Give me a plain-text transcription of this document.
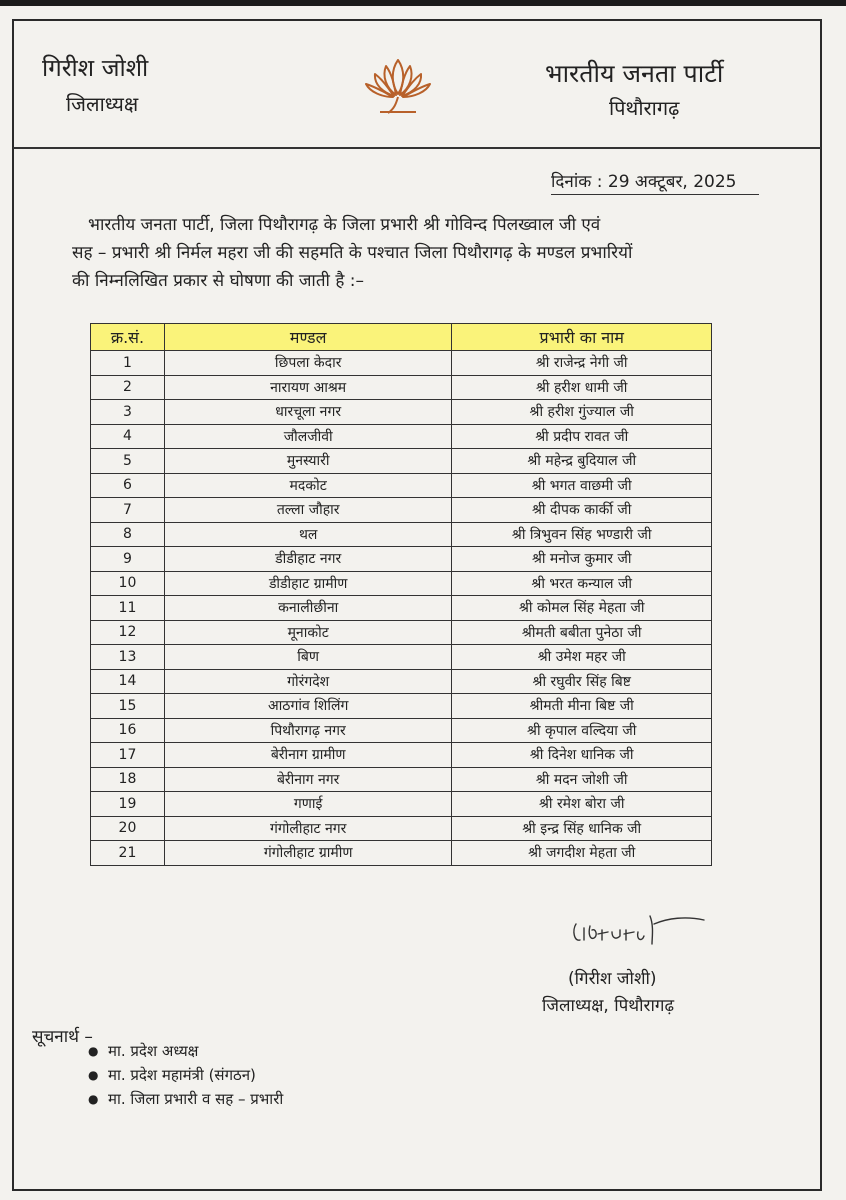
गिरीश जोशी
जिलाध्यक्ष
भारतीय जनता पार्टी
पिथौरागढ़
दिनांक : 29 अक्टूबर, 2025
भारतीय जनता पार्टी, जिला पिथौरागढ़ के जिला प्रभारी श्री गोविन्द पिलख्वाल जी एवं
सह – प्रभारी श्री निर्मल महरा जी की सहमति के पश्चात जिला पिथौरागढ़ के मण्डल प्रभारियों
की निम्नलिखित प्रकार से घोषणा की जाती है :–
क्र.सं.	मण्डल	प्रभारी का नाम
1	छिपला केदार	श्री राजेन्द्र नेगी जी
2	नारायण आश्रम	श्री हरीश धामी जी
3	धारचूला नगर	श्री हरीश गुंज्याल जी
4	जौलजीवी	श्री प्रदीप रावत जी
5	मुनस्यारी	श्री महेन्द्र बुदियाल जी
6	मदकोट	श्री भगत वाछमी जी
7	तल्ला जौहार	श्री दीपक कार्की जी
8	थल	श्री त्रिभुवन सिंह भण्डारी जी
9	डीडीहाट नगर	श्री मनोज कुमार जी
10	डीडीहाट ग्रामीण	श्री भरत कन्याल जी
11	कनालीछीना	श्री कोमल सिंह मेहता जी
12	मूनाकोट	श्रीमती बबीता पुनेठा जी
13	बिण	श्री उमेश महर जी
14	गोरंगदेश	श्री रघुवीर सिंह बिष्ट
15	आठगांव शिलिंग	श्रीमती मीना बिष्ट जी
16	पिथौरागढ़ नगर	श्री कृपाल वल्दिया जी
17	बेरीनाग ग्रामीण	श्री दिनेश धानिक जी
18	बेरीनाग नगर	श्री मदन जोशी जी
19	गणाई	श्री रमेश बोरा जी
20	गंगोलीहाट नगर	श्री इन्द्र सिंह धानिक जी
21	गंगोलीहाट ग्रामीण	श्री जगदीश मेहता जी
(गिरीश जोशी)
जिलाध्यक्ष, पिथौरागढ़
सूचनार्थ –
● मा. प्रदेश अध्यक्ष
● मा. प्रदेश महामंत्री (संगठन)
● मा. जिला प्रभारी व सह – प्रभारी
